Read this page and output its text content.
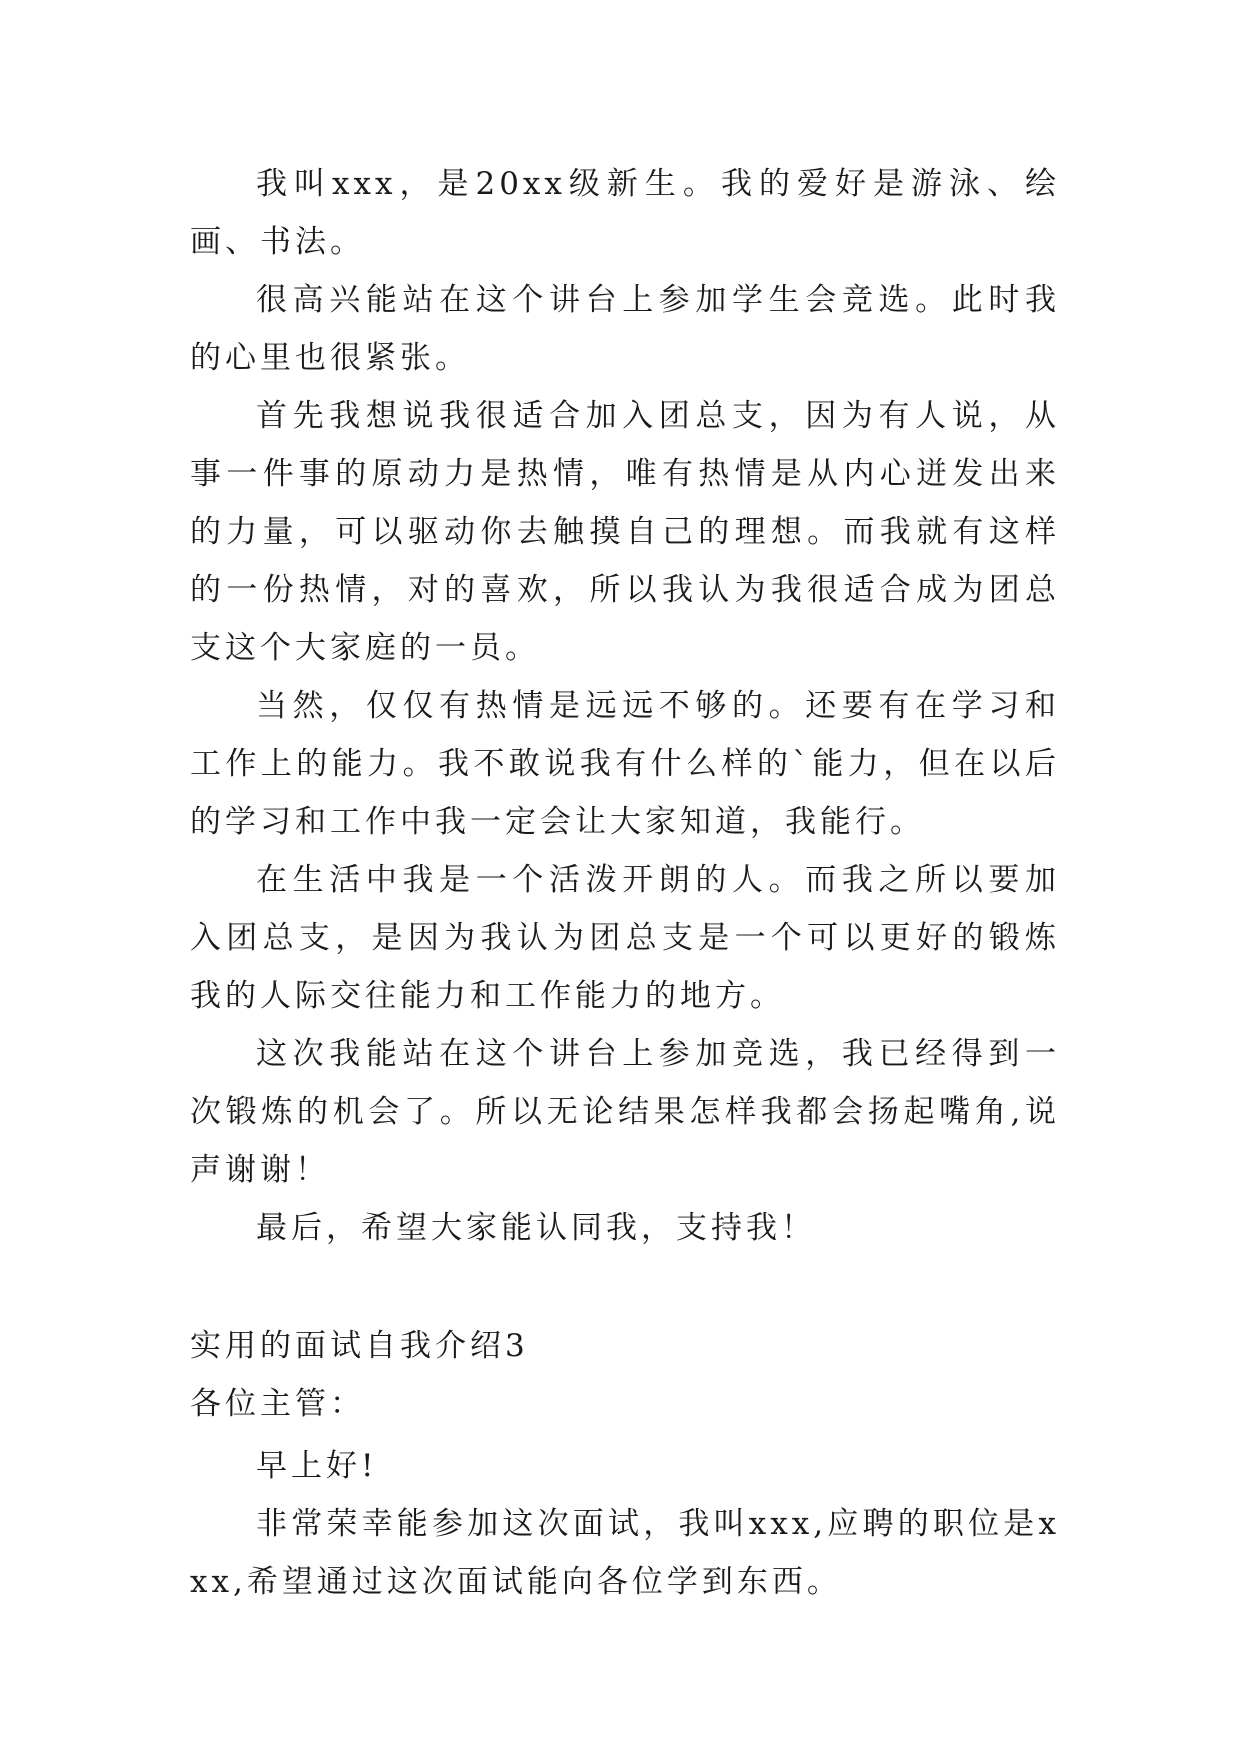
我叫xxx，是20xx级新生。我的爱好是游泳、绘画、书法。

很高兴能站在这个讲台上参加学生会竞选。此时我的心里也很紧张。

首先我想说我很适合加入团总支，因为有人说，从事一件事的原动力是热情，唯有热情是从内心迸发出来的力量，可以驱动你去触摸自己的理想。而我就有这样的一份热情，对的喜欢，所以我认为我很适合成为团总支这个大家庭的一员。

当然，仅仅有热情是远远不够的。还要有在学习和工作上的能力。我不敢说我有什么样的`能力，但在以后的学习和工作中我一定会让大家知道，我能行。

在生活中我是一个活泼开朗的人。而我之所以要加入团总支，是因为我认为团总支是一个可以更好的锻炼我的人际交往能力和工作能力的地方。

这次我能站在这个讲台上参加竞选，我已经得到一次锻炼的机会了。所以无论结果怎样我都会扬起嘴角,说声谢谢！

最后，希望大家能认同我，支持我！

实用的面试自我介绍3

各位主管：

早上好!

非常荣幸能参加这次面试，我叫xxx,应聘的职位是xxx,希望通过这次面试能向各位学到东西。
